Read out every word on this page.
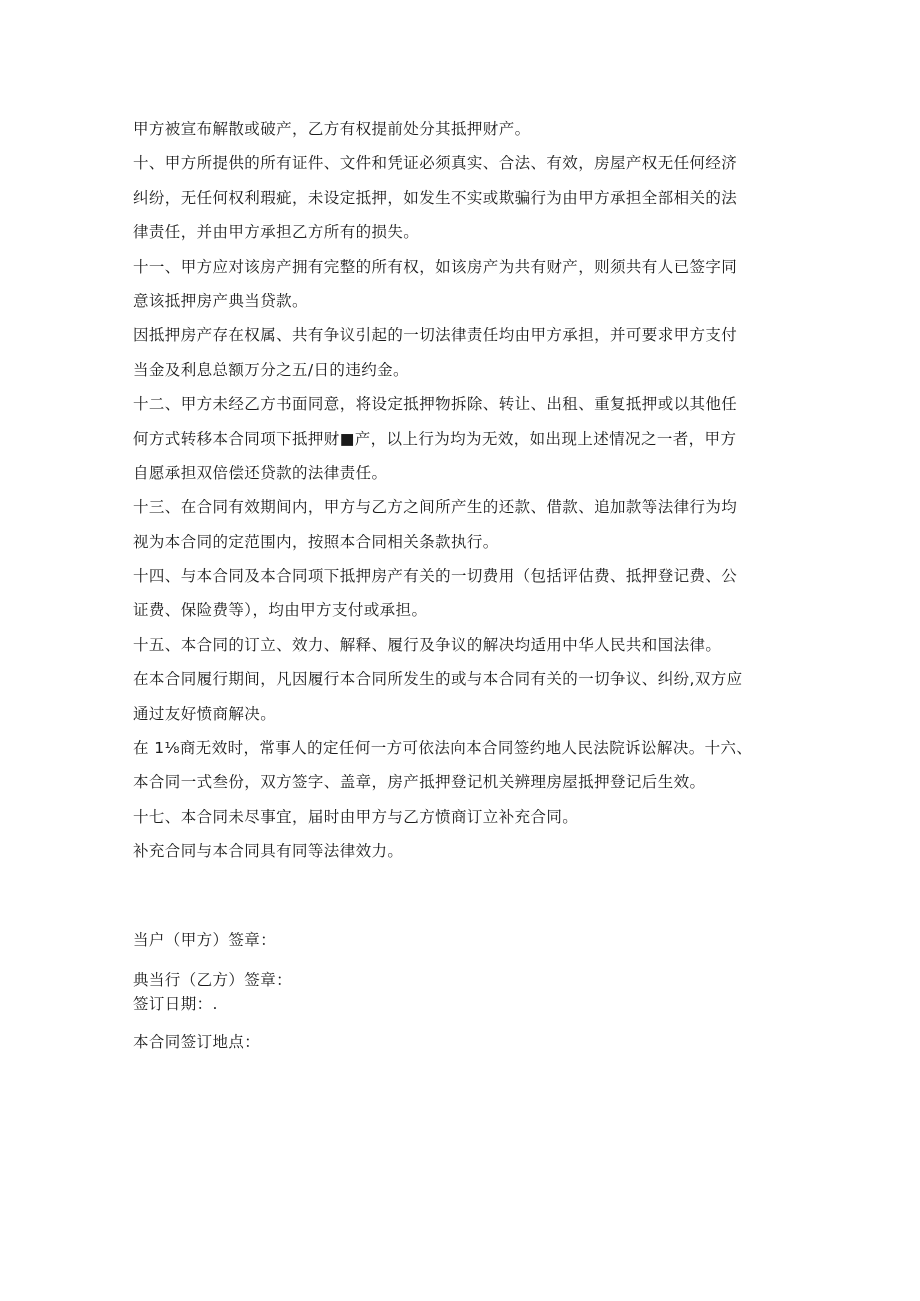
甲方被宣布解散或破产，乙方有权提前处分其抵押财产。
十、甲方所提供的所有证件、文件和凭证必须真实、合法、有效，房屋产权无任何经济
纠纷，无任何权利瑕疵，未设定抵押，如发生不实或欺骗行为由甲方承担全部相关的法
律责任，并由甲方承担乙方所有的损失。
十一、甲方应对该房产拥有完整的所有权，如该房产为共有财产，则须共有人已签字同
意该抵押房产典当贷款。
因抵押房产存在权属、共有争议引起的一切法律责任均由甲方承担，并可要求甲方支付
当金及利息总额万分之五/日的违约金。
十二、甲方未经乙方书面同意，将设定抵押物拆除、转让、出租、重复抵押或以其他任
何方式转移本合同项下抵押财■产，以上行为均为无效，如出现上述情况之一者，甲方
自愿承担双倍偿还贷款的法律责任。
十三、在合同有效期间内，甲方与乙方之间所产生的还款、借款、追加款等法律行为均
视为本合同的定范围内，按照本合同相关条款执行。
十四、与本合同及本合同项下抵押房产有关的一切费用（包括评估费、抵押登记费、公
证费、保险费等），均由甲方支付或承担。
十五、本合同的订立、效力、解释、履行及争议的解决均适用中华人民共和国法律。
在本合同履行期间，凡因履行本合同所发生的或与本合同有关的一切争议、纠纷,双方应
通过友好愤商解决。
在 1⅛商无效时，常事人的定任何一方可依法向本合同签约地人民法院诉讼解决。十六、
本合同一式叁份，双方签字、盖章，房产抵押登记机关辨理房屋抵押登记后生效。
十七、本合同未尽事宜，届时由甲方与乙方愤商订立补充合同。
补充合同与本合同具有同等法律效力。
当户（甲方）签章：
典当行（乙方）签章：
签订日期：.
本合同签订地点：
